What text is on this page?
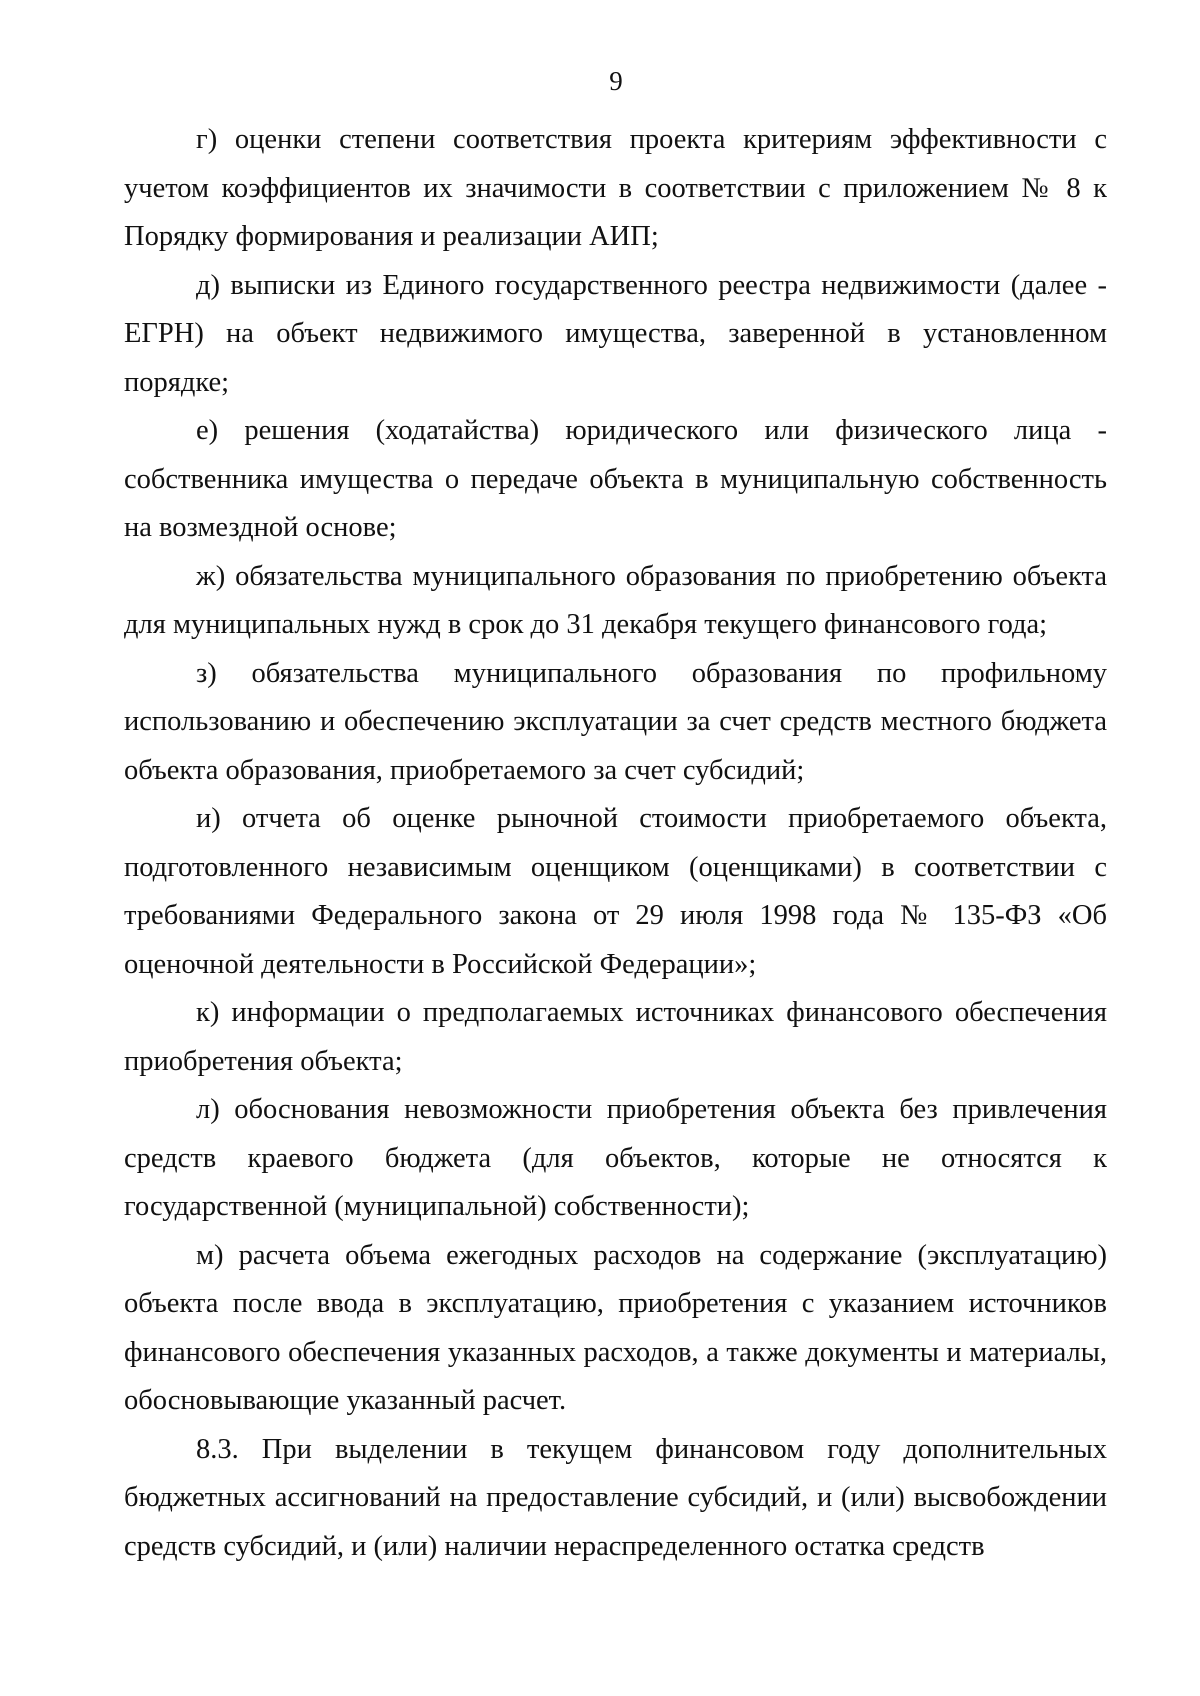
9

г) оценки степени соответствия проекта критериям эффективности с учетом коэффициентов их значимости в соответствии с приложением № 8 к Порядку формирования и реализации АИП;

д) выписки из Единого государственного реестра недвижимости (далее - ЕГРН) на объект недвижимого имущества, заверенной в установленном порядке;

е) решения (ходатайства) юридического или физического лица - собственника имущества о передаче объекта в муниципальную собственность на возмездной основе;

ж) обязательства муниципального образования по приобретению объекта для муниципальных нужд в срок до 31 декабря текущего финансового года;

з) обязательства муниципального образования по профильному использованию и обеспечению эксплуатации за счет средств местного бюджета объекта образования, приобретаемого за счет субсидий;

и) отчета об оценке рыночной стоимости приобретаемого объекта, подготовленного независимым оценщиком (оценщиками) в соответствии с требованиями Федерального закона от 29 июля 1998 года № 135-ФЗ «Об оценочной деятельности в Российской Федерации»;

к) информации о предполагаемых источниках финансового обеспечения приобретения объекта;

л) обоснования невозможности приобретения объекта без привлечения средств краевого бюджета (для объектов, которые не относятся к государственной (муниципальной) собственности);

м) расчета объема ежегодных расходов на содержание (эксплуатацию) объекта после ввода в эксплуатацию, приобретения с указанием источников финансового обеспечения указанных расходов, а также документы и материалы, обосновывающие указанный расчет.

8.3. При выделении в текущем финансовом году дополнительных бюджетных ассигнований на предоставление субсидий, и (или) высвобождении средств субсидий, и (или) наличии нераспределенного остатка средств
